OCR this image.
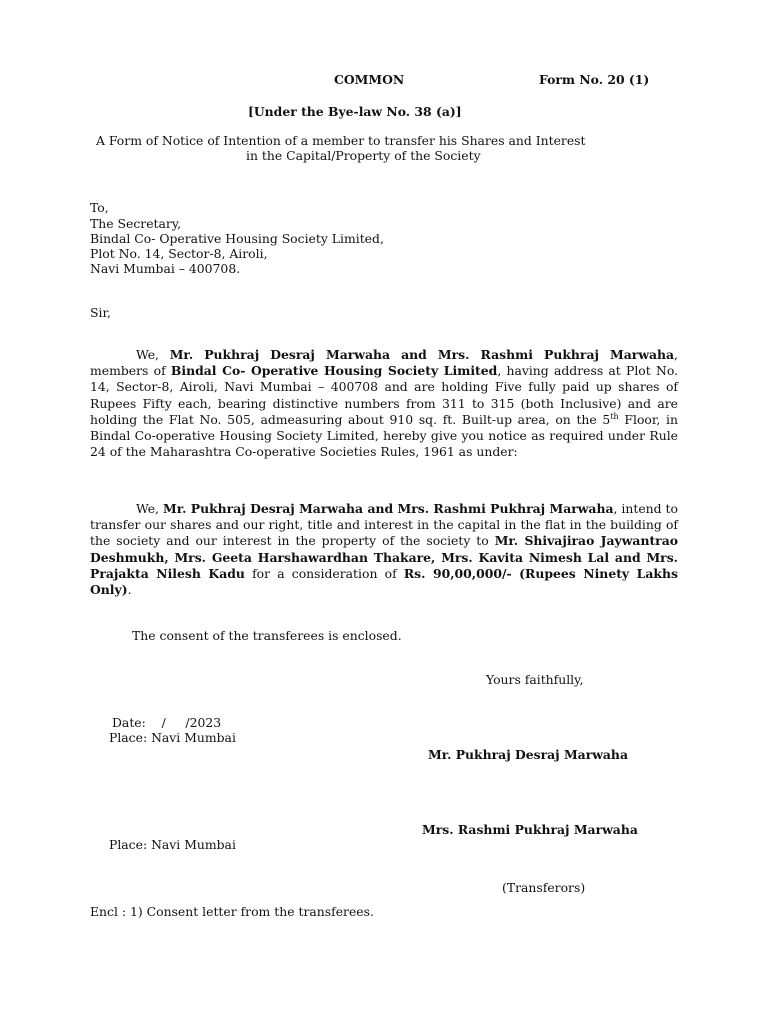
COMMON	Form No. 20 (1)
[Under the Bye-law No. 38 (a)]
A Form of Notice of Intention of a member to transfer his Shares and Interest
in the Capital/Property of the Society
To,
The Secretary,
Bindal Co- Operative Housing Society Limited,
Plot No. 14, Sector-8, Airoli,
Navi Mumbai – 400708.
Sir,
We, Mr. Pukhraj Desraj Marwaha and Mrs. Rashmi Pukhraj Marwaha, members of Bindal Co- Operative Housing Society Limited, having address at Plot No. 14, Sector-8, Airoli, Navi Mumbai – 400708 and are holding Five fully paid up shares of Rupees Fifty each, bearing distinctive numbers from 311 to 315 (both Inclusive) and are holding the Flat No. 505, admeasuring about 910 sq. ft. Built-up area, on the 5th Floor, in Bindal Co-operative Housing Society Limited, hereby give you notice as required under Rule 24 of the Maharashtra Co-operative Societies Rules, 1961 as under:
We, Mr. Pukhraj Desraj Marwaha and Mrs. Rashmi Pukhraj Marwaha, intend to transfer our shares and our right, title and interest in the capital in the flat in the building of the society and our interest in the property of the society to Mr. Shivajirao Jaywantrao Deshmukh, Mrs. Geeta Harshawardhan Thakare, Mrs. Kavita Nimesh Lal and Mrs. Prajakta Nilesh Kadu for a consideration of Rs. 90,00,000/- (Rupees Ninety Lakhs Only).
The consent of the transferees is enclosed.
Yours faithfully,
Date:    /     /2023
Place: Navi Mumbai
Mr. Pukhraj Desraj Marwaha
Mrs. Rashmi Pukhraj Marwaha
Place: Navi Mumbai
(Transferors)
Encl : 1) Consent letter from the transferees.
